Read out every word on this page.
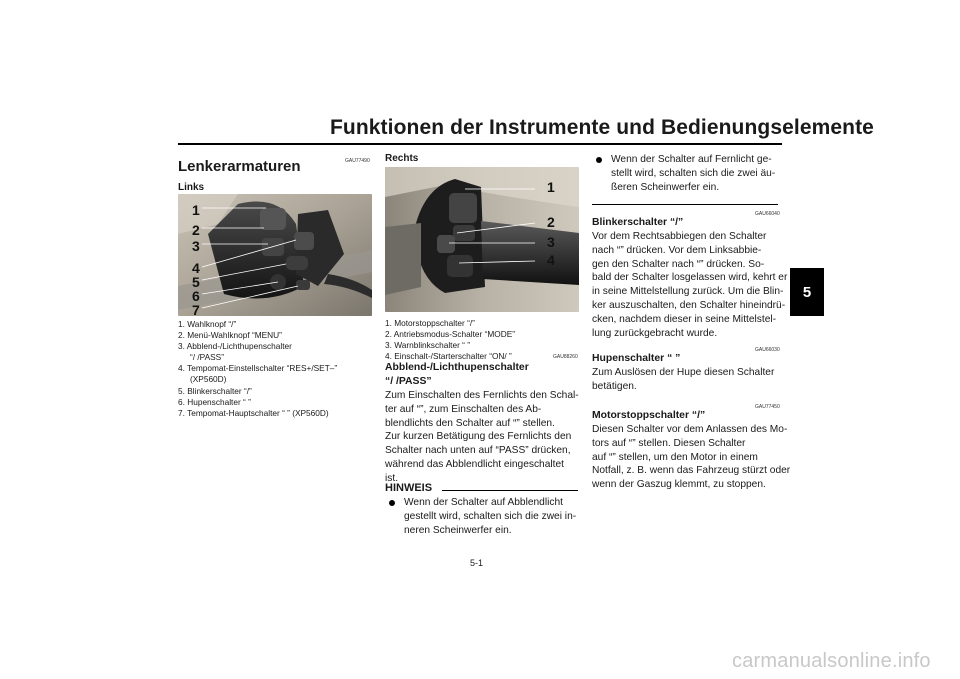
Funktionen der Instrumente und Bedienungselemente
5
GAU77490
Lenkerarmaturen
Links
1
2
3
4
5
6
7
1. Wahlknopf “/”
2. Menü-Wahlknopf “MENU”
3. Abblend-/Lichthupenschalter
“/ /PASS”
4. Tempomat-Einstellschalter “RES+/SET–”
(XP560D)
5. Blinkerschalter “/”
6. Hupenschalter “ ”
7. Tempomat-Hauptschalter “ ” (XP560D)
Rechts
1
2
3
4
1. Motorstoppschalter “/”
2. Antriebsmodus-Schalter “MODE”
3. Warnblinkschalter “ ”
4. Einschalt-/Starterschalter “ON/ ”	GAU88260
Abblend-/Lichthupenschalter
“/ /PASS”
Zum Einschalten des Fernlichts den Schal-
ter auf “”, zum Einschalten des Ab-
blendlichts den Schalter auf “” stellen.
Zur kurzen Betätigung des Fernlichts den
Schalter nach unten auf “PASS” drücken,
während das Abblendlicht eingeschaltet
ist.
HINWEIS
Wenn der Schalter auf Abblendlicht
gestellt wird, schalten sich die zwei in-
neren Scheinwerfer ein.
Wenn der Schalter auf Fernlicht ge-
stellt wird, schalten sich die zwei äu-
ßeren Scheinwerfer ein.
GAU66040
Blinkerschalter “/”
Vor dem Rechtsabbiegen den Schalter
nach “” drücken. Vor dem Linksabbie-
gen den Schalter nach “” drücken. So-
bald der Schalter losgelassen wird, kehrt er
in seine Mittelstellung zurück. Um die Blin-
ker auszuschalten, den Schalter hineindrü-
cken, nachdem dieser in seine Mittelstel-
lung zurückgebracht wurde.
GAU66030
Hupenschalter “ ”
Zum Auslösen der Hupe diesen Schalter
betätigen.
GAU77450
Motorstoppschalter “/”
Diesen Schalter vor dem Anlassen des Mo-
tors auf “” stellen. Diesen Schalter
auf “” stellen, um den Motor in einem
Notfall, z. B. wenn das Fahrzeug stürzt oder
wenn der Gaszug klemmt, zu stoppen.
5-1
carmanualsonline.info
